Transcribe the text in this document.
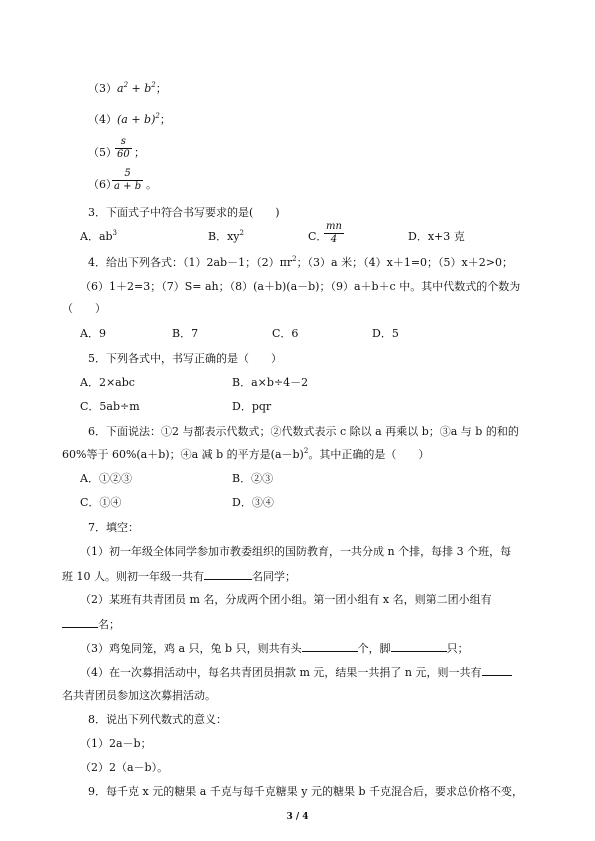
$(3)a^2 + b^2$；
$(4)(a + b)^2$；
（5）
s
60 ；
（6）
5
a + b 。
3．下面式子中符合书写要求的是(　　)
A．$ab^3$	B．$xy^2$	C．
mn
4	D．x+3 克
4．给出下列各式：（1）2ab－1；$(2)\pi r^2$；（3）a 米；（4）x＋1=0；（5）x＋2>0；
（6）1＋2=3；（7）S= ah；（8）(a＋b)(a－b)；（9）a＋b＋c 中。其中代数式的个数为
（　　）
A．9	B．7	C．6	D．5
5．下列各式中，书写正确的是（　　）
A．2×abc	B．a×b÷4－2
C．5ab÷m	D．pqr
6．下面说法：①2 与都表示代数式；②代数式表示 c 除以 a 再乘以 b；③a 与 b 的和的
60%等于 60%(a＋b)；④a 减 b 的平方是$(a-b)^2$。其中正确的是（　　）
A．①②③	B．②③
C．①④	D．③④
7．填空：
（1）初一年级全体同学参加市教委组织的国防教育，一共分成 n 个排，每排 3 个班，每
班 10 人。则初一年级一共有	名同学；
（2）某班有共青团员 m 名，分成两个团小组。第一团小组有 x 名，则第二团小组有
名；
（3）鸡兔同笼，鸡 a 只，兔 b 只，则共有头	个，脚	只；
（4）在一次募捐活动中，每名共青团员捐款 m 元，结果一共捐了 n 元，则一共有
名共青团员参加这次募捐活动。
8．说出下列代数式的意义：
（1）2a－b；
（2）2（a－b）。
9．每千克 x 元的糖果 a 千克与每千克糖果 y 元的糖果 b 千克混合后，要求总价格不变，
3 / 4
